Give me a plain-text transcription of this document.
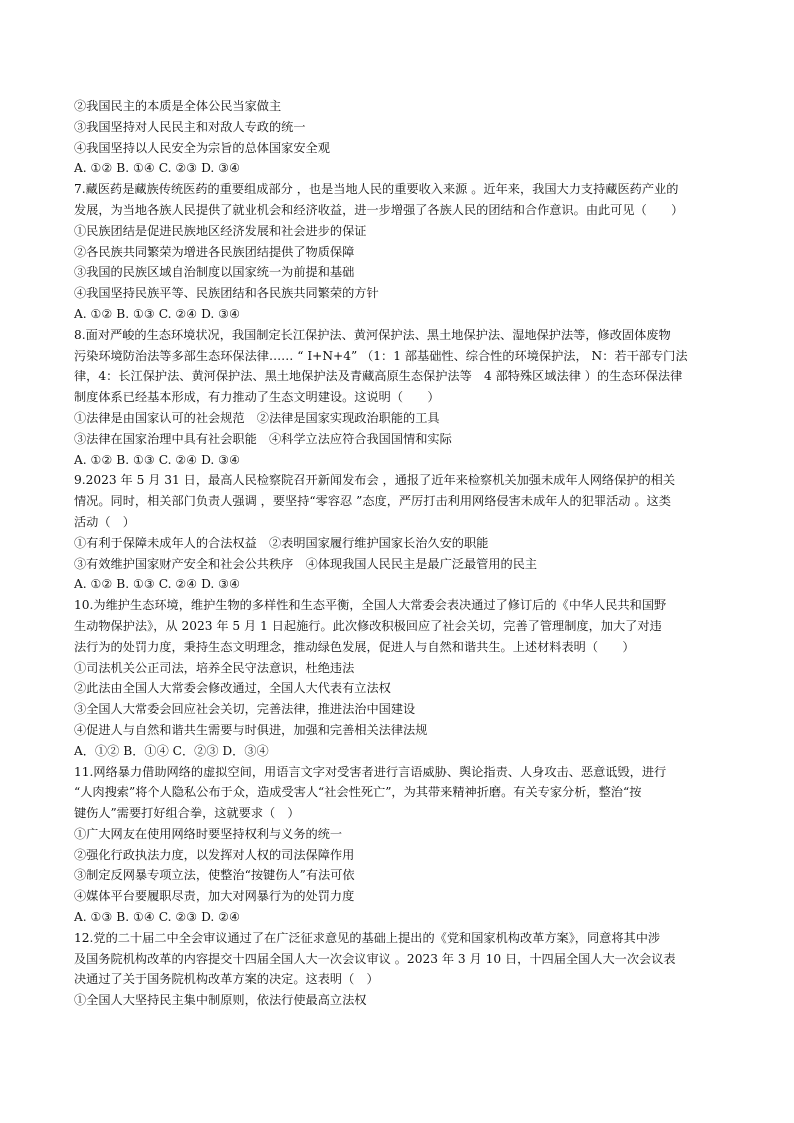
②我国民主的本质是全体公民当家做主
③我国坚持对人民民主和对敌人专政的统一
④我国坚持以人民安全为宗旨的总体国家安全观
A. ①② B. ①④ C. ②③ D. ③④
7.藏医药是藏族传统医药的重要组成部分 ，也是当地人民的重要收入来源 。近年来，我国大力支持藏医药产业的
发展，为当地各族人民提供了就业机会和经济收益，进一步增强了各族人民的团结和合作意识。由此可见（　　）
①民族团结是促进民族地区经济发展和社会进步的保证
②各民族共同繁荣为增进各民族团结提供了物质保障
③我国的民族区域自治制度以国家统一为前提和基础
④我国坚持民族平等、民族团结和各民族共同繁荣的方针
A. ①② B. ①③ C. ②④ D. ③④
8.面对严峻的生态环境状况，我国制定长江保护法、黄河保护法、黑土地保护法、湿地保护法等，修改固体废物
污染环境防治法等多部生态环保法律…… “ I+N+4” （1：1 部基础性、综合性的环境保护法， N：若干部专门法
律，4：长江保护法、黄河保护法、黑土地保护法及青藏高原生态保护法等　4 部特殊区域法律 ）的生态环保法律
制度体系已经基本形成，有力推动了生态文明建设。这说明（　　）
①法律是由国家认可的社会规范　②法律是国家实现政治职能的工具
③法律在国家治理中具有社会职能　④科学立法应符合我国国情和实际
A. ①② B. ①③ C. ②④ D. ③④
9.2023 年 5 月 31 日，最高人民检察院召开新闻发布会 ，通报了近年来检察机关加强未成年人网络保护的相关
情况。同时，相关部门负责人强调 ，要坚持“零容忍 ”态度，严厉打击利用网络侵害未成年人的犯罪活动 。这类
活动（　）
①有利于保障未成年人的合法权益　②表明国家履行维护国家长治久安的职能
③有效维护国家财产安全和社会公共秩序　④体现我国人民民主是最广泛最管用的民主
A. ①② B. ①③ C. ②④ D. ③④
10.为维护生态环境，维护生物的多样性和生态平衡，全国人大常委会表决通过了修订后的《中华人民共和国野
生动物保护法》，从 2023 年 5 月 1 日起施行。此次修改积极回应了社会关切，完善了管理制度，加大了对违
法行为的处罚力度，秉持生态文明理念，推动绿色发展，促进人与自然和谐共生。上述材料表明（　　）
①司法机关公正司法，培养全民守法意识，杜绝违法
②此法由全国人大常委会修改通过，全国人大代表有立法权
③全国人大常委会回应社会关切，完善法律，推进法治中国建设
④促进人与自然和谐共生需要与时俱进，加强和完善相关法律法规
A．①② B．①④ C．②③ D．③④
11.网络暴力借助网络的虚拟空间，用语言文字对受害者进行言语威胁、舆论指责、人身攻击、恶意诋毁，进行
“人肉搜索”将个人隐私公布于众，造成受害人“社会性死亡”，为其带来精神折磨。有关专家分析，整治“按
键伤人”需要打好组合拳，这就要求（　）
①广大网友在使用网络时要坚持权利与义务的统一
②强化行政执法力度，以发挥对人权的司法保障作用
③制定反网暴专项立法，使整治“按键伤人”有法可依
④媒体平台要履职尽责，加大对网暴行为的处罚力度
A. ①③ B. ①④ C. ②③ D. ②④
12.党的二十届二中全会审议通过了在广泛征求意见的基础上提出的《党和国家机构改革方案》，同意将其中涉
及国务院机构改革的内容提交十四届全国人大一次会议审议 。2023 年 3 月 10 日，十四届全国人大一次会议表
决通过了关于国务院机构改革方案的决定。这表明（　）
①全国人大坚持民主集中制原则，依法行使最高立法权
